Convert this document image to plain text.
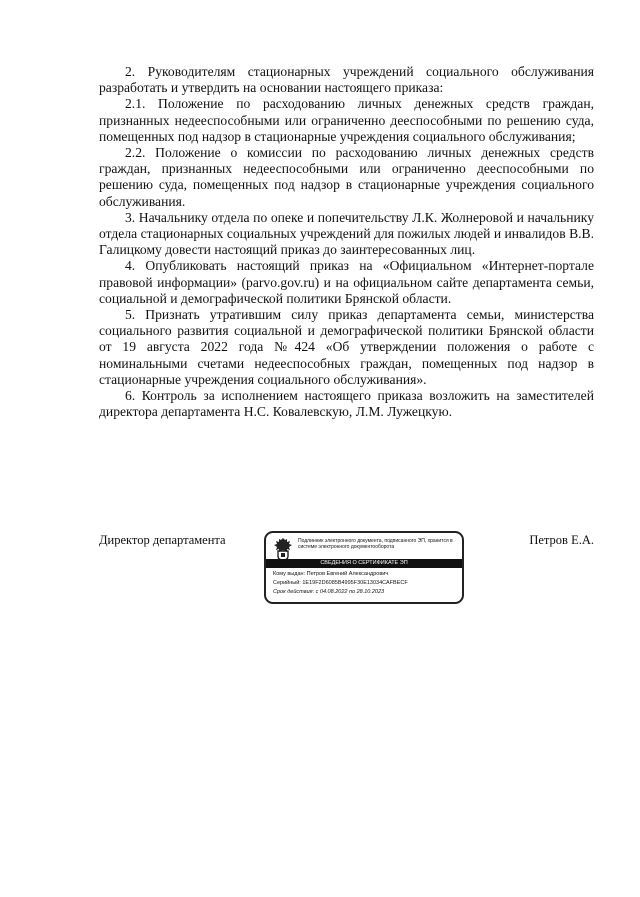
2. Руководителям стационарных учреждений социального обслуживания разработать и утвердить на основании настоящего приказа:

2.1. Положение по расходованию личных денежных средств граждан, признанных недееспособными или ограниченно дееспособными по решению суда, помещенных под надзор в стационарные учреждения социального обслуживания;

2.2. Положение о комиссии по расходованию личных денежных средств граждан, признанных недееспособными или ограниченно дееспособными по решению суда, помещенных под надзор в стационарные учреждения социального обслуживания.

3. Начальнику отдела по опеке и попечительству Л.К. Жолнеровой и начальнику отдела стационарных социальных учреждений для пожилых людей и инвалидов В.В. Галицкому довести настоящий приказ до заинтересованных лиц.

4. Опубликовать настоящий приказ на «Официальном «Интернет-портале правовой информации» (parvo.gov.ru) и на официальном сайте департамента семьи, социальной и демографической политики Брянской области.

5. Признать утратившим силу приказ департамента семьи, министерства социального развития социальной и демографической политики Брянской области от 19 августа 2022 года №424 «Об утверждении положения о работе с номинальными счетами недееспособных граждан, помещенных под надзор в стационарные учреждения социального обслуживания».

6. Контроль за исполнением настоящего приказа возложить на заместителей директора департамента Н.С. Ковалевскую, Л.М. Лужецкую.

Директор департамента	Подлинник электронного документа, подписанного ЭП, хранится в системе электронного документооборота
СВЕДЕНИЯ О СЕРТИФИКАТЕ ЭП
Кому выдан: Петров Евгений Александрович
Серийный: 1Е19F2D6085В4995F30Е13034САFBECF
Срок действия: с 04.08.2022 по 28.10.2023
Петров Е.А.
